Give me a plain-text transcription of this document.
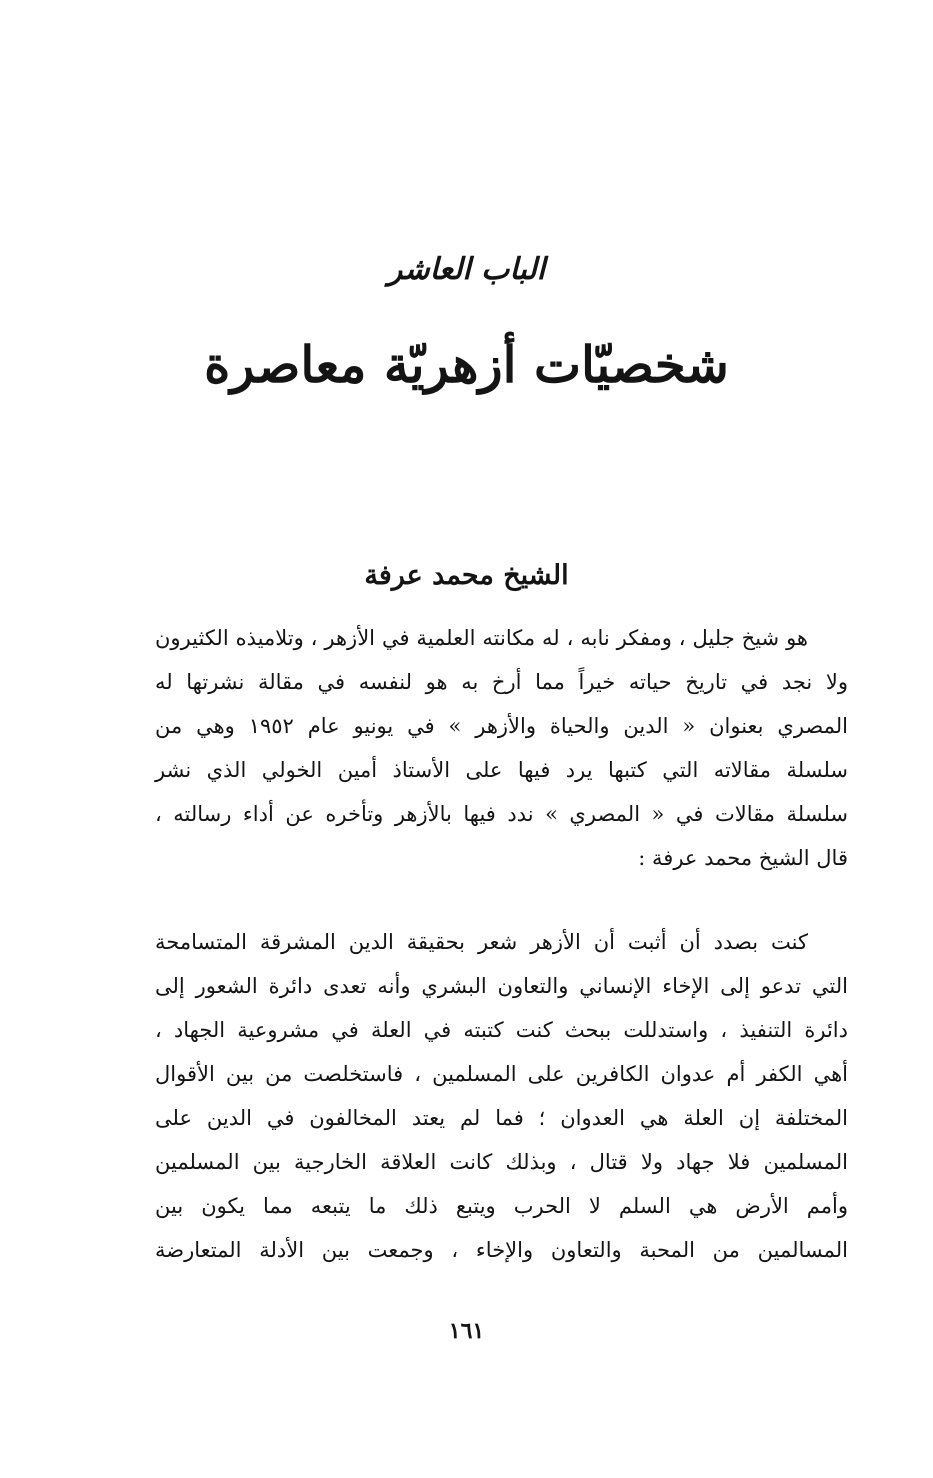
الباب العاشر
شخصيّات أزهريّة معاصرة
الشيخ محمد عرفة
هو شيخ جليل ، ومفكر نابه ، له مكانته العلمية في الأزهر ، وتلاميذه الكثيرون
ولا نجد في تاريخ حياته خيراً مما أرخ به هو لنفسه في مقالة نشرتها له
المصري بعنوان « الدين والحياة والأزهر » في يونيو عام ١٩٥٢ وهي من
سلسلة مقالاته التي كتبها يرد فيها على الأستاذ أمين الخولي الذي نشر
سلسلة مقالات في « المصري » ندد فيها بالأزهر وتأخره عن أداء رسالته ،
قال الشيخ محمد عرفة :
كنت بصدد أن أثبت أن الأزهر شعر بحقيقة الدين المشرقة المتسامحة
التي تدعو إلى الإخاء الإنساني والتعاون البشري وأنه تعدى دائرة الشعور إلى
دائرة التنفيذ ، واستدللت ببحث كنت كتبته في العلة في مشروعية الجهاد ،
أهي الكفر أم عدوان الكافرين على المسلمين ، فاستخلصت من بين الأقوال
المختلفة إن العلة هي العدوان ؛ فما لم يعتد المخالفون في الدين على
المسلمين فلا جهاد ولا قتال ، وبذلك كانت العلاقة الخارجية بين المسلمين
وأمم الأرض هي السلم لا الحرب ويتبع ذلك ما يتبعه مما يكون بين
المسالمين من المحبة والتعاون والإخاء ، وجمعت بين الأدلة المتعارضة
١٦١
